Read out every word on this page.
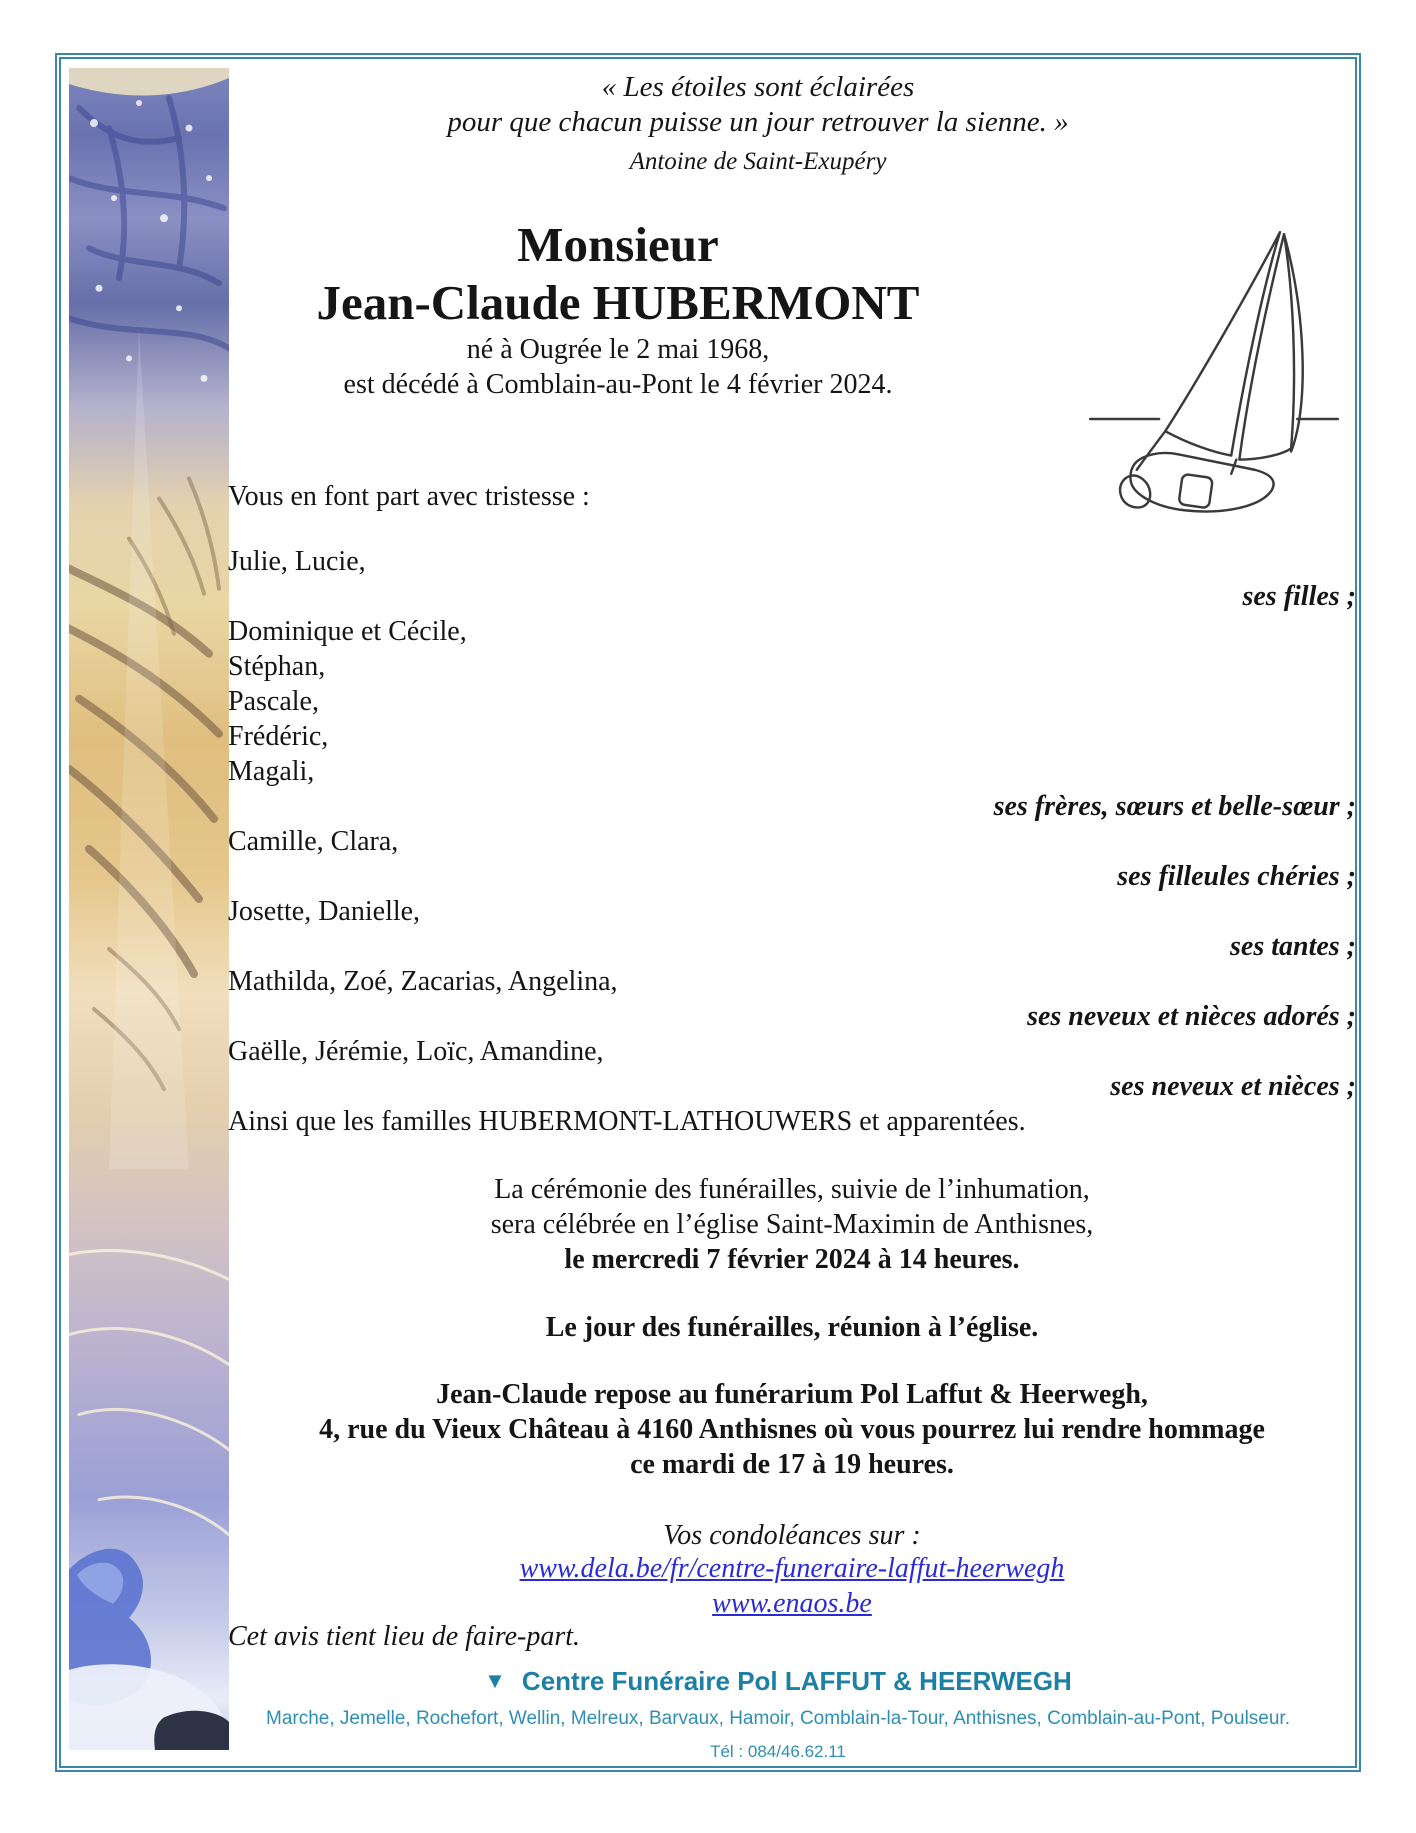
« Les étoiles sont éclairées
pour que chacun puisse un jour retrouver la sienne. »
Antoine de Saint-Exupéry
Monsieur
Jean-Claude HUBERMONT
né à Ougrée le 2 mai 1968,
est décédé à Comblain-au-Pont le 4 février 2024.
Vous en font part avec tristesse :
Julie, Lucie,
ses filles ;
Dominique et Cécile,
Stéphan,
Pascale,
Frédéric,
Magali,
ses frères, sœurs et belle-sœur ;
Camille, Clara,
ses filleules chéries ;
Josette, Danielle,
ses tantes ;
Mathilda, Zoé, Zacarias, Angelina,
ses neveux et nièces adorés ;
Gaëlle, Jérémie, Loïc, Amandine,
ses neveux et nièces ;
Ainsi que les familles HUBERMONT-LATHOUWERS et apparentées.
La cérémonie des funérailles, suivie de l’inhumation,
sera célébrée en l’église Saint-Maximin de Anthisnes,
le mercredi 7 février 2024 à 14 heures.
Le jour des funérailles, réunion à l’église.
Jean-Claude repose au funérarium Pol Laffut & Heerwegh,
4, rue du Vieux Château à 4160 Anthisnes où vous pourrez lui rendre hommage
ce mardi de 17 à 19 heures.
Vos condoléances sur :
www.dela.be/fr/centre-funeraire-laffut-heerwegh
www.enaos.be
Cet avis tient lieu de faire-part.
▼ Centre Funéraire Pol LAFFUT & HEERWEGH
Marche, Jemelle, Rochefort, Wellin, Melreux, Barvaux, Hamoir, Comblain-la-Tour, Anthisnes, Comblain-au-Pont, Poulseur.
Tél : 084/46.62.11
